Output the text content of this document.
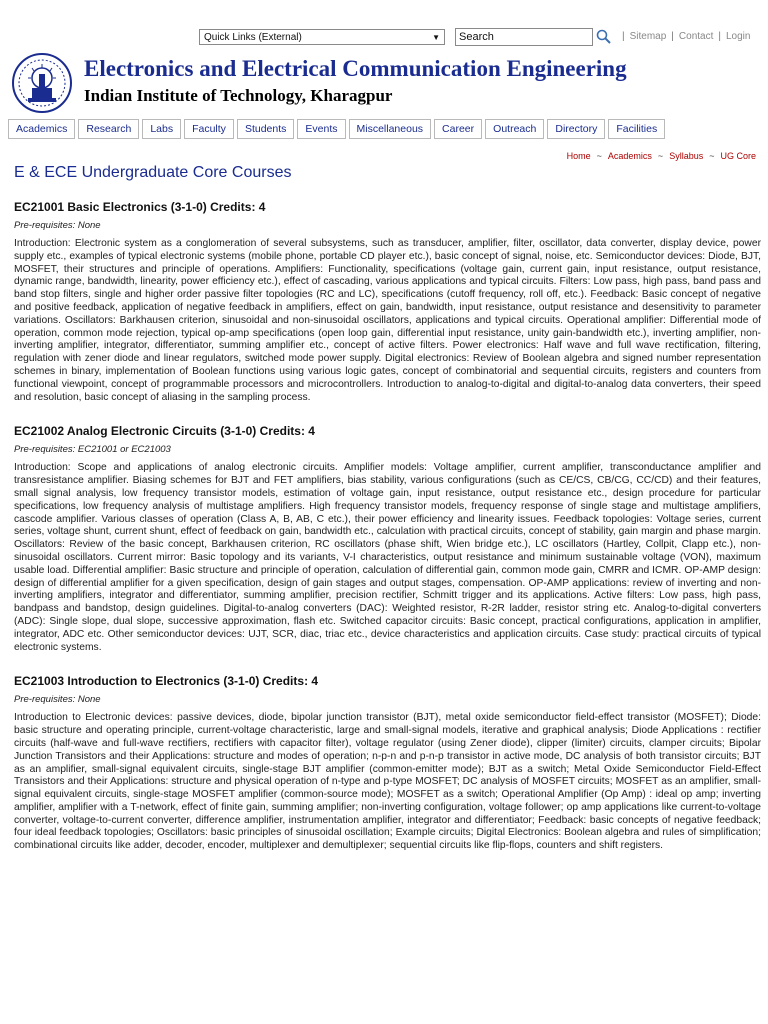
Quick Links (External)	▼	Search	| Sitemap | Contact | Login
Electronics and Electrical Communication Engineering
Indian Institute of Technology, Kharagpur
Academics	Research	Labs	Faculty	Students	Events	Miscellaneous	Career	Outreach	Directory	Facilities
Home ~ Academics ~ Syllabus ~ UG Core
E & ECE Undergraduate Core Courses
EC21001 Basic Electronics (3-1-0) Credits: 4

Pre-requisites: None

Introduction: Electronic system as a conglomeration of several subsystems, such as transducer, amplifier, filter, oscillator, data converter, display device, power supply etc., examples of typical electronic systems (mobile phone, portable CD player etc.), basic concept of signal, noise, etc. Semiconductor devices: Diode, BJT, MOSFET, their structures and principle of operations. Amplifiers: Functionality, specifications (voltage gain, current gain, input resistance, output resistance, dynamic range, bandwidth, linearity, power efficiency etc.), effect of cascading, various applications and typical circuits. Filters: Low pass, high pass, band pass and band stop filters, single and higher order passive filter topologies (RC and LC), specifications (cutoff frequency, roll off, etc.). Feedback: Basic concept of negative and positive feedback, application of negative feedback in amplifiers, effect on gain, bandwidth, input resistance, output resistance and desensitivity to parameter variations. Oscillators: Barkhausen criterion, sinusoidal and non-sinusoidal oscillators, applications and typical circuits. Operational amplifier: Differential mode of operation, common mode rejection, typical op-amp specifications (open loop gain, differential input resistance, unity gain-bandwidth etc.), inverting amplifier, non-inverting amplifier, integrator, differentiator, summing amplifier etc., concept of active filters. Power electronics: Half wave and full wave rectification, filtering, regulation with zener diode and linear regulators, switched mode power supply. Digital electronics: Review of Boolean algebra and signed number representation schemes in binary, implementation of Boolean functions using various logic gates, concept of combinatorial and sequential circuits, registers and counters from functional viewpoint, concept of programmable processors and microcontrollers. Introduction to analog-to-digital and digital-to-analog data converters, their speed and resolution, basic concept of aliasing in the sampling process.

EC21002 Analog Electronic Circuits (3-1-0) Credits: 4

Pre-requisites: EC21001 or EC21003

Introduction: Scope and applications of analog electronic circuits. Amplifier models: Voltage amplifier, current amplifier, transconductance amplifier and transresistance amplifier. Biasing schemes for BJT and FET amplifiers, bias stability, various configurations (such as CE/CS, CB/CG, CC/CD) and their features, small signal analysis, low frequency transistor models, estimation of voltage gain, input resistance, output resistance etc., design procedure for particular specifications, low frequency analysis of multistage amplifiers. High frequency transistor models, frequency response of single stage and multistage amplifiers, cascode amplifier. Various classes of operation (Class A, B, AB, C etc.), their power efficiency and linearity issues. Feedback topologies: Voltage series, current series, voltage shunt, current shunt, effect of feedback on gain, bandwidth etc., calculation with practical circuits, concept of stability, gain margin and phase margin. Oscillators: Review of the basic concept, Barkhausen criterion, RC oscillators (phase shift, Wien bridge etc.), LC oscillators (Hartley, Collpit, Clapp etc.), non-sinusoidal oscillators. Current mirror: Basic topology and its variants, V-I characteristics, output resistance and minimum sustainable voltage (VON), maximum usable load. Differential amplifier: Basic structure and principle of operation, calculation of differential gain, common mode gain, CMRR and ICMR. OP-AMP design: design of differential amplifier for a given specification, design of gain stages and output stages, compensation. OP-AMP applications: review of inverting and non-inverting amplifiers, integrator and differentiator, summing amplifier, precision rectifier, Schmitt trigger and its applications. Active filters: Low pass, high pass, bandpass and bandstop, design guidelines. Digital-to-analog converters (DAC): Weighted resistor, R-2R ladder, resistor string etc. Analog-to-digital converters (ADC): Single slope, dual slope, successive approximation, flash etc. Switched capacitor circuits: Basic concept, practical configurations, application in amplifier, integrator, ADC etc. Other semiconductor devices: UJT, SCR, diac, triac etc., device characteristics and application circuits. Case study: practical circuits of typical electronic systems.

EC21003 Introduction to Electronics (3-1-0) Credits: 4

Pre-requisites: None

Introduction to Electronic devices: passive devices, diode, bipolar junction transistor (BJT), metal oxide semiconductor field-effect transistor (MOSFET); Diode: basic structure and operating principle, current-voltage characteristic, large and small-signal models, iterative and graphical analysis; Diode Applications : rectifier circuits (half-wave and full-wave rectifiers, rectifiers with capacitor filter), voltage regulator (using Zener diode), clipper (limiter) circuits, clamper circuits; Bipolar Junction Transistors and their Applications: structure and modes of operation; n-p-n and p-n-p transistor in active mode, DC analysis of both transistor circuits; BJT as an amplifier, small-signal equivalent circuits, single-stage BJT amplifier (common-emitter mode); BJT as a switch; Metal Oxide Semiconductor Field-Effect Transistors and their Applications: structure and physical operation of n-type and p-type MOSFET; DC analysis of MOSFET circuits; MOSFET as an amplifier, small-signal equivalent circuits, single-stage MOSFET amplifier (common-source mode); MOSFET as a switch; Operational Amplifier (Op Amp) : ideal op amp; inverting amplifier, amplifier with a T-network, effect of finite gain, summing amplifier; non-inverting configuration, voltage follower; op amp applications like current-to-voltage converter, voltage-to-current converter, difference amplifier, instrumentation amplifier, integrator and differentiator; Feedback: basic concepts of negative feedback; four ideal feedback topologies; Oscillators: basic principles of sinusoidal oscillation; Example circuits; Digital Electronics: Boolean algebra and rules of simplification; combinational circuits like adder, decoder, encoder, multiplexer and demultiplexer; sequential circuits like flip-flops, counters and shift registers.
